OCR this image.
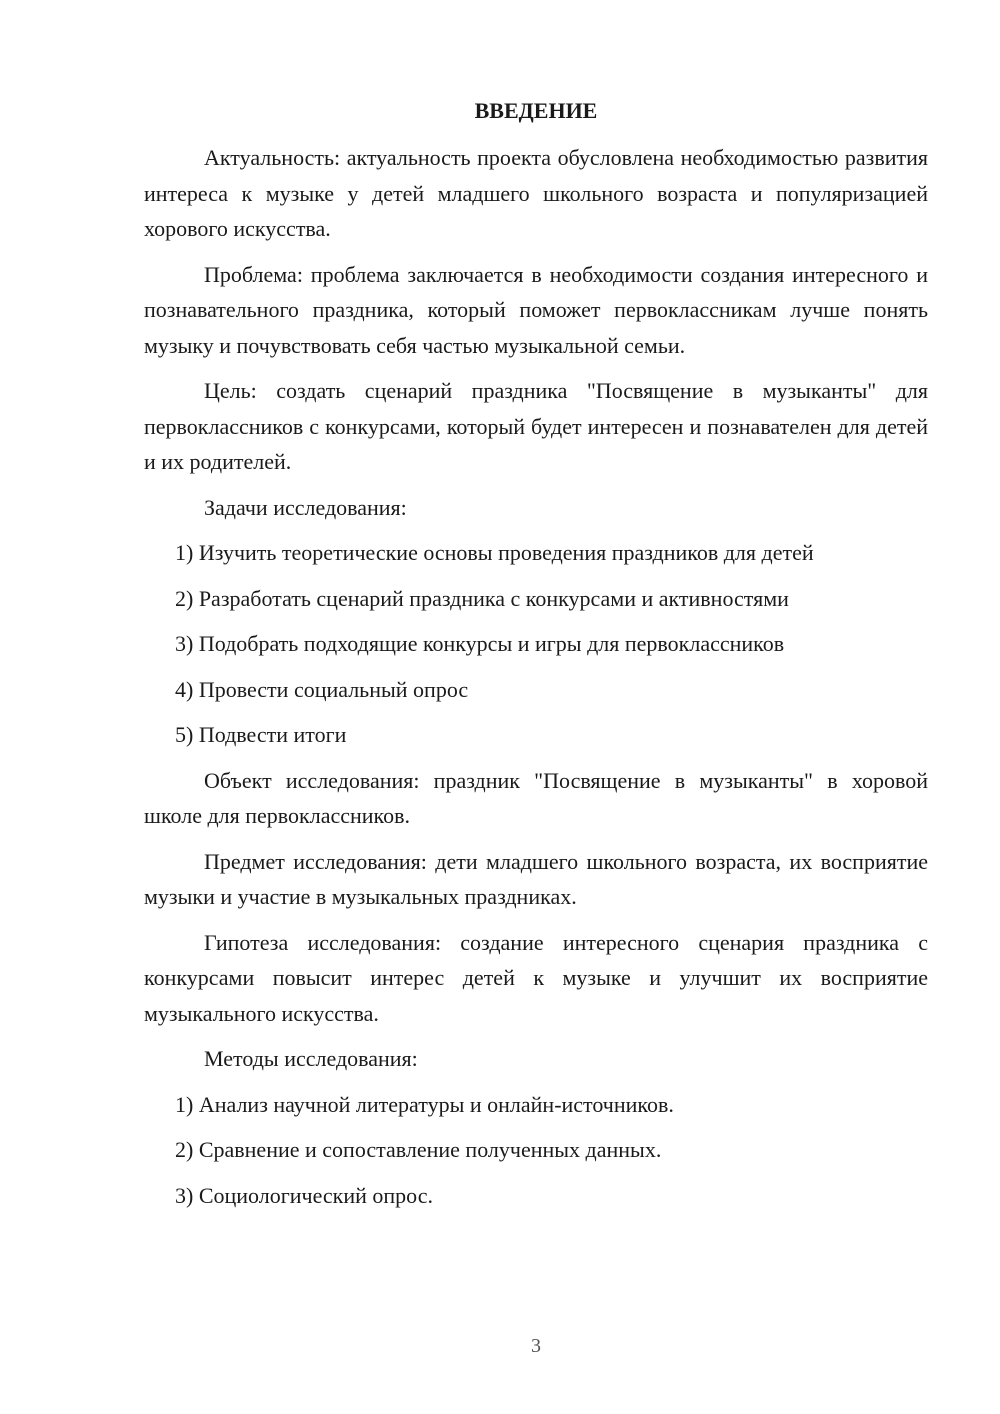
ВВЕДЕНИЕ

Актуальность: актуальность проекта обусловлена необходимостью развития интереса к музыке у детей младшего школьного возраста и популяризацией хорового искусства.

Проблема: проблема заключается в необходимости создания интересного и познавательного праздника, который поможет первоклассникам лучше понять музыку и почувствовать себя частью музыкальной семьи.

Цель: создать сценарий праздника "Посвящение в музыканты" для первоклассников с конкурсами, который будет интересен и познавателен для детей и их родителей.

Задачи исследования:

1) Изучить теоретические основы проведения праздников для детей

2) Разработать сценарий праздника с конкурсами и активностями

3) Подобрать подходящие конкурсы и игры для первоклассников

4) Провести социальный опрос

5) Подвести итоги

Объект исследования: праздник "Посвящение в музыканты" в хоровой школе для первоклассников.

Предмет исследования: дети младшего школьного возраста, их восприятие музыки и участие в музыкальных праздниках.

Гипотеза исследования: создание интересного сценария праздника с конкурсами повысит интерес детей к музыке и улучшит их восприятие музыкального искусства.

Методы исследования:

1) Анализ научной литературы и онлайн-источников.

2) Сравнение и сопоставление полученных данных.

3) Социологический опрос.

3
